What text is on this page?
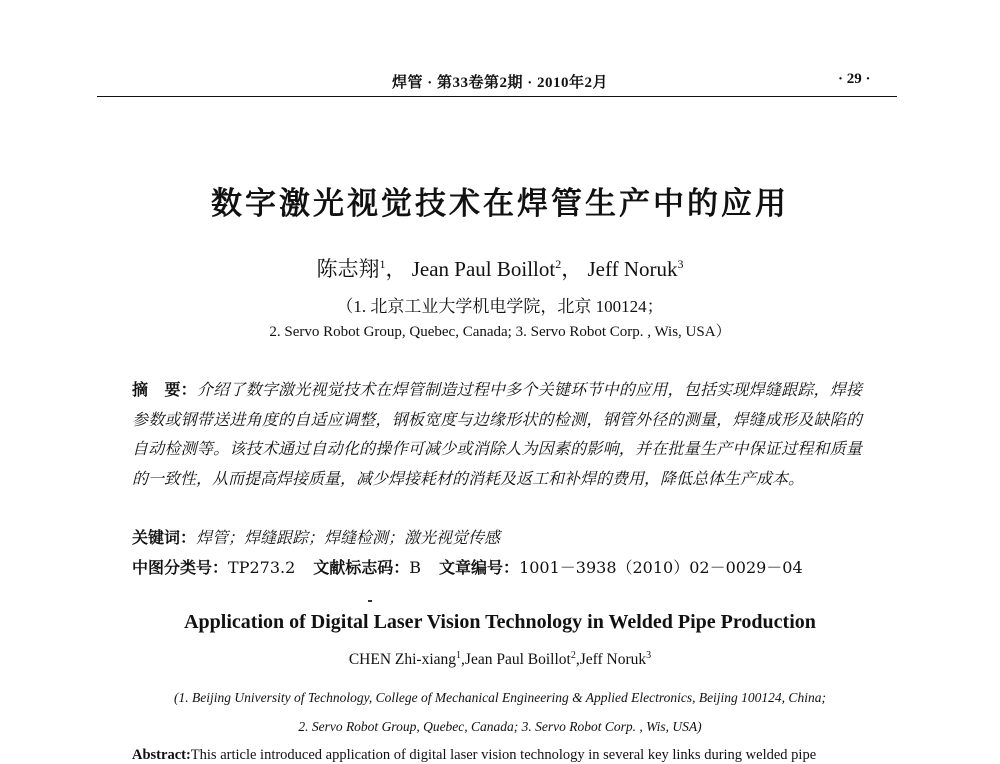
焊管 · 第33卷第2期 · 2010年2月	· 29 ·
数字激光视觉技术在焊管生产中的应用
陈志翔$^1$， Jean Paul Boillot$^2$， Jeff Noruk$^3$
（1. 北京工业大学机电学院，北京 100124；
2. Servo Robot Group, Quebec, Canada; 3. Servo Robot Corp. , Wis, USA）
摘　要：介绍了数字激光视觉技术在焊管制造过程中多个关键环节中的应用，包括实现焊缝跟踪，焊接参数或钢带送进角度的自适应调整，钢板宽度与边缘形状的检测，钢管外径的测量，焊缝成形及缺陷的自动检测等。该技术通过自动化的操作可减少或消除人为因素的影响，并在批量生产中保证过程和质量的一致性，从而提高焊接质量，减少焊接耗材的消耗及返工和补焊的费用，降低总体生产成本。
关键词：焊管；焊缝跟踪；焊缝检测；激光视觉传感
中图分类号：TP273.2 文献标志码：B 文章编号：1001－3938（2010）02－0029－04
Application of Digital Laser Vision Technology in Welded Pipe Production
CHEN Zhi-xiang$^1$,Jean Paul Boillot$^2$,Jeff Noruk$^3$
(1. Beijing University of Technology, College of Mechanical Engineering & Applied Electronics, Beijing 100124, China;
2. Servo Robot Group, Quebec, Canada; 3. Servo Robot Corp. , Wis, USA)
Abstract:This article introduced application of digital laser vision technology in several key links during welded pipe
